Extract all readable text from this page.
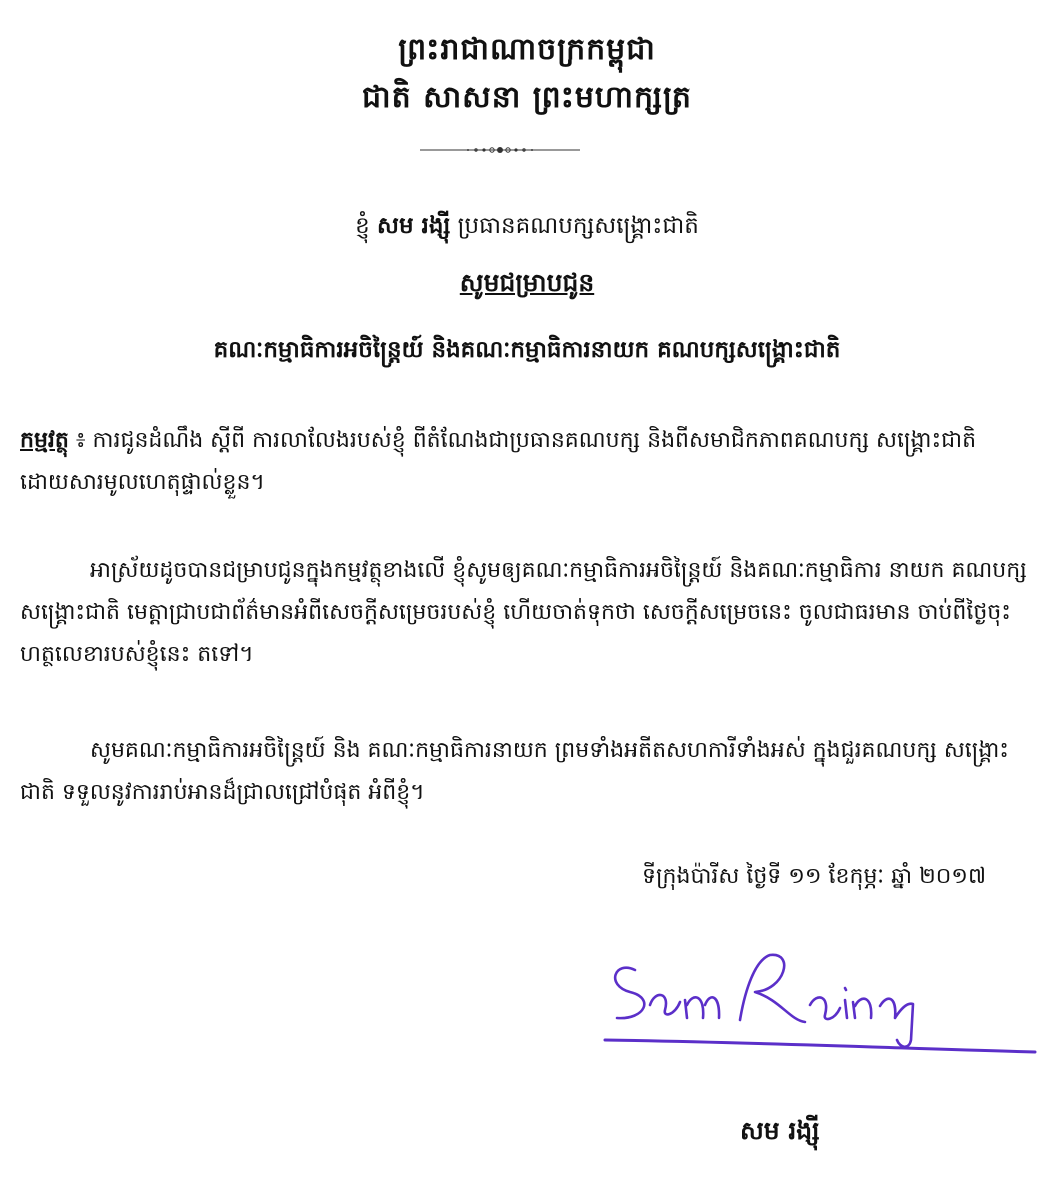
ព្រះរាជាណាចក្រកម្ពុជា
ជាតិ សាសនា ព្រះមហាក្សត្រ
ខ្ញុំ សម រង្ស៊ី ប្រធានគណបក្សសង្គ្រោះជាតិ
សូមជម្រាបជូន
គណៈកម្មាធិការអចិន្ត្រៃយ៍ និងគណៈកម្មាធិការនាយក គណបក្សសង្គ្រោះជាតិ
កម្មវត្ថុ ៖ ការជូនដំណឹង ស្តីពី ការលាលែងរបស់ខ្ញុំ ពីតំណែងជាប្រធានគណបក្ស និងពីសមាជិកភាពគណបក្ស សង្គ្រោះជាតិ ដោយសារមូលហេតុផ្ទាល់ខ្លួន។
អាស្រ័យដូចបានជម្រាបជូនក្នុងកម្មវត្ថុខាងលើ ខ្ញុំសូមឲ្យគណៈកម្មាធិការអចិន្ត្រៃយ៍ និងគណៈកម្មាធិការ នាយក គណបក្សសង្គ្រោះជាតិ មេត្តាជ្រាបជាព័ត៌មានអំពីសេចក្តីសម្រេចរបស់ខ្ញុំ ហើយចាត់ទុកថា សេចក្តីសម្រេចនេះ ចូលជាធរមាន ចាប់ពីថ្ងៃចុះហត្ថលេខារបស់ខ្ញុំនេះ តទៅ។
សូមគណៈកម្មាធិការអចិន្ត្រៃយ៍ និង គណៈកម្មាធិការនាយក ព្រមទាំងអតីតសហការីទាំងអស់ ក្នុងជួរគណបក្ស សង្គ្រោះជាតិ ទទួលនូវការរាប់អានដ៏ជ្រាលជ្រៅបំផុត អំពីខ្ញុំ។
ទីក្រុងប៉ារីស ថ្ងៃទី ១១ ខែកុម្ភៈ ឆ្នាំ ២០១៧
សម រង្ស៊ី
